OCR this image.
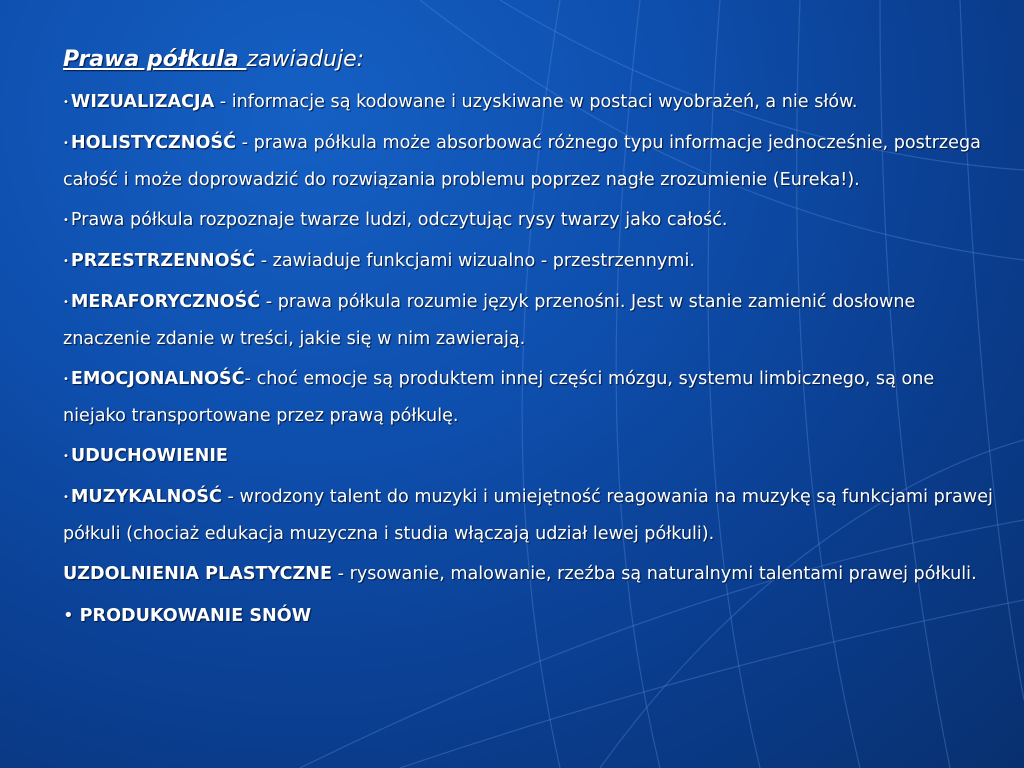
Prawa półkula zawiaduje:
• WIZUALIZACJA - informacje są kodowane i uzyskiwane w postaci wyobrażeń, a nie słów.
• HOLISTYCZNOŚĆ - prawa półkula może absorbować różnego typu informacje jednocześnie, postrzega całość i może doprowadzić do rozwiązania problemu poprzez nagłe zrozumienie (Eureka!).
• Prawa półkula rozpoznaje twarze ludzi, odczytując rysy twarzy jako całość.
• PRZESTRZENNOŚĆ - zawiaduje funkcjami wizualno - przestrzennymi.
• MERAFORYCZNOŚĆ - prawa półkula rozumie język przenośni. Jest w stanie zamienić dosłowne znaczenie zdanie w treści, jakie się w nim zawierają.
• EMOCJONALNOŚĆ- choć emocje są produktem innej części mózgu, systemu limbicznego, są one niejako transportowane przez prawą półkulę.
• UDUCHOWIENIE
• MUZYKALNOŚĆ - wrodzony talent do muzyki i umiejętność reagowania na muzykę są funkcjami prawej półkuli (chociaż edukacja muzyczna i studia włączają udział lewej półkuli).
UZDOLNIENIA PLASTYCZNE - rysowanie, malowanie, rzeźba są naturalnymi talentami prawej półkuli.
• PRODUKOWANIE SNÓW
